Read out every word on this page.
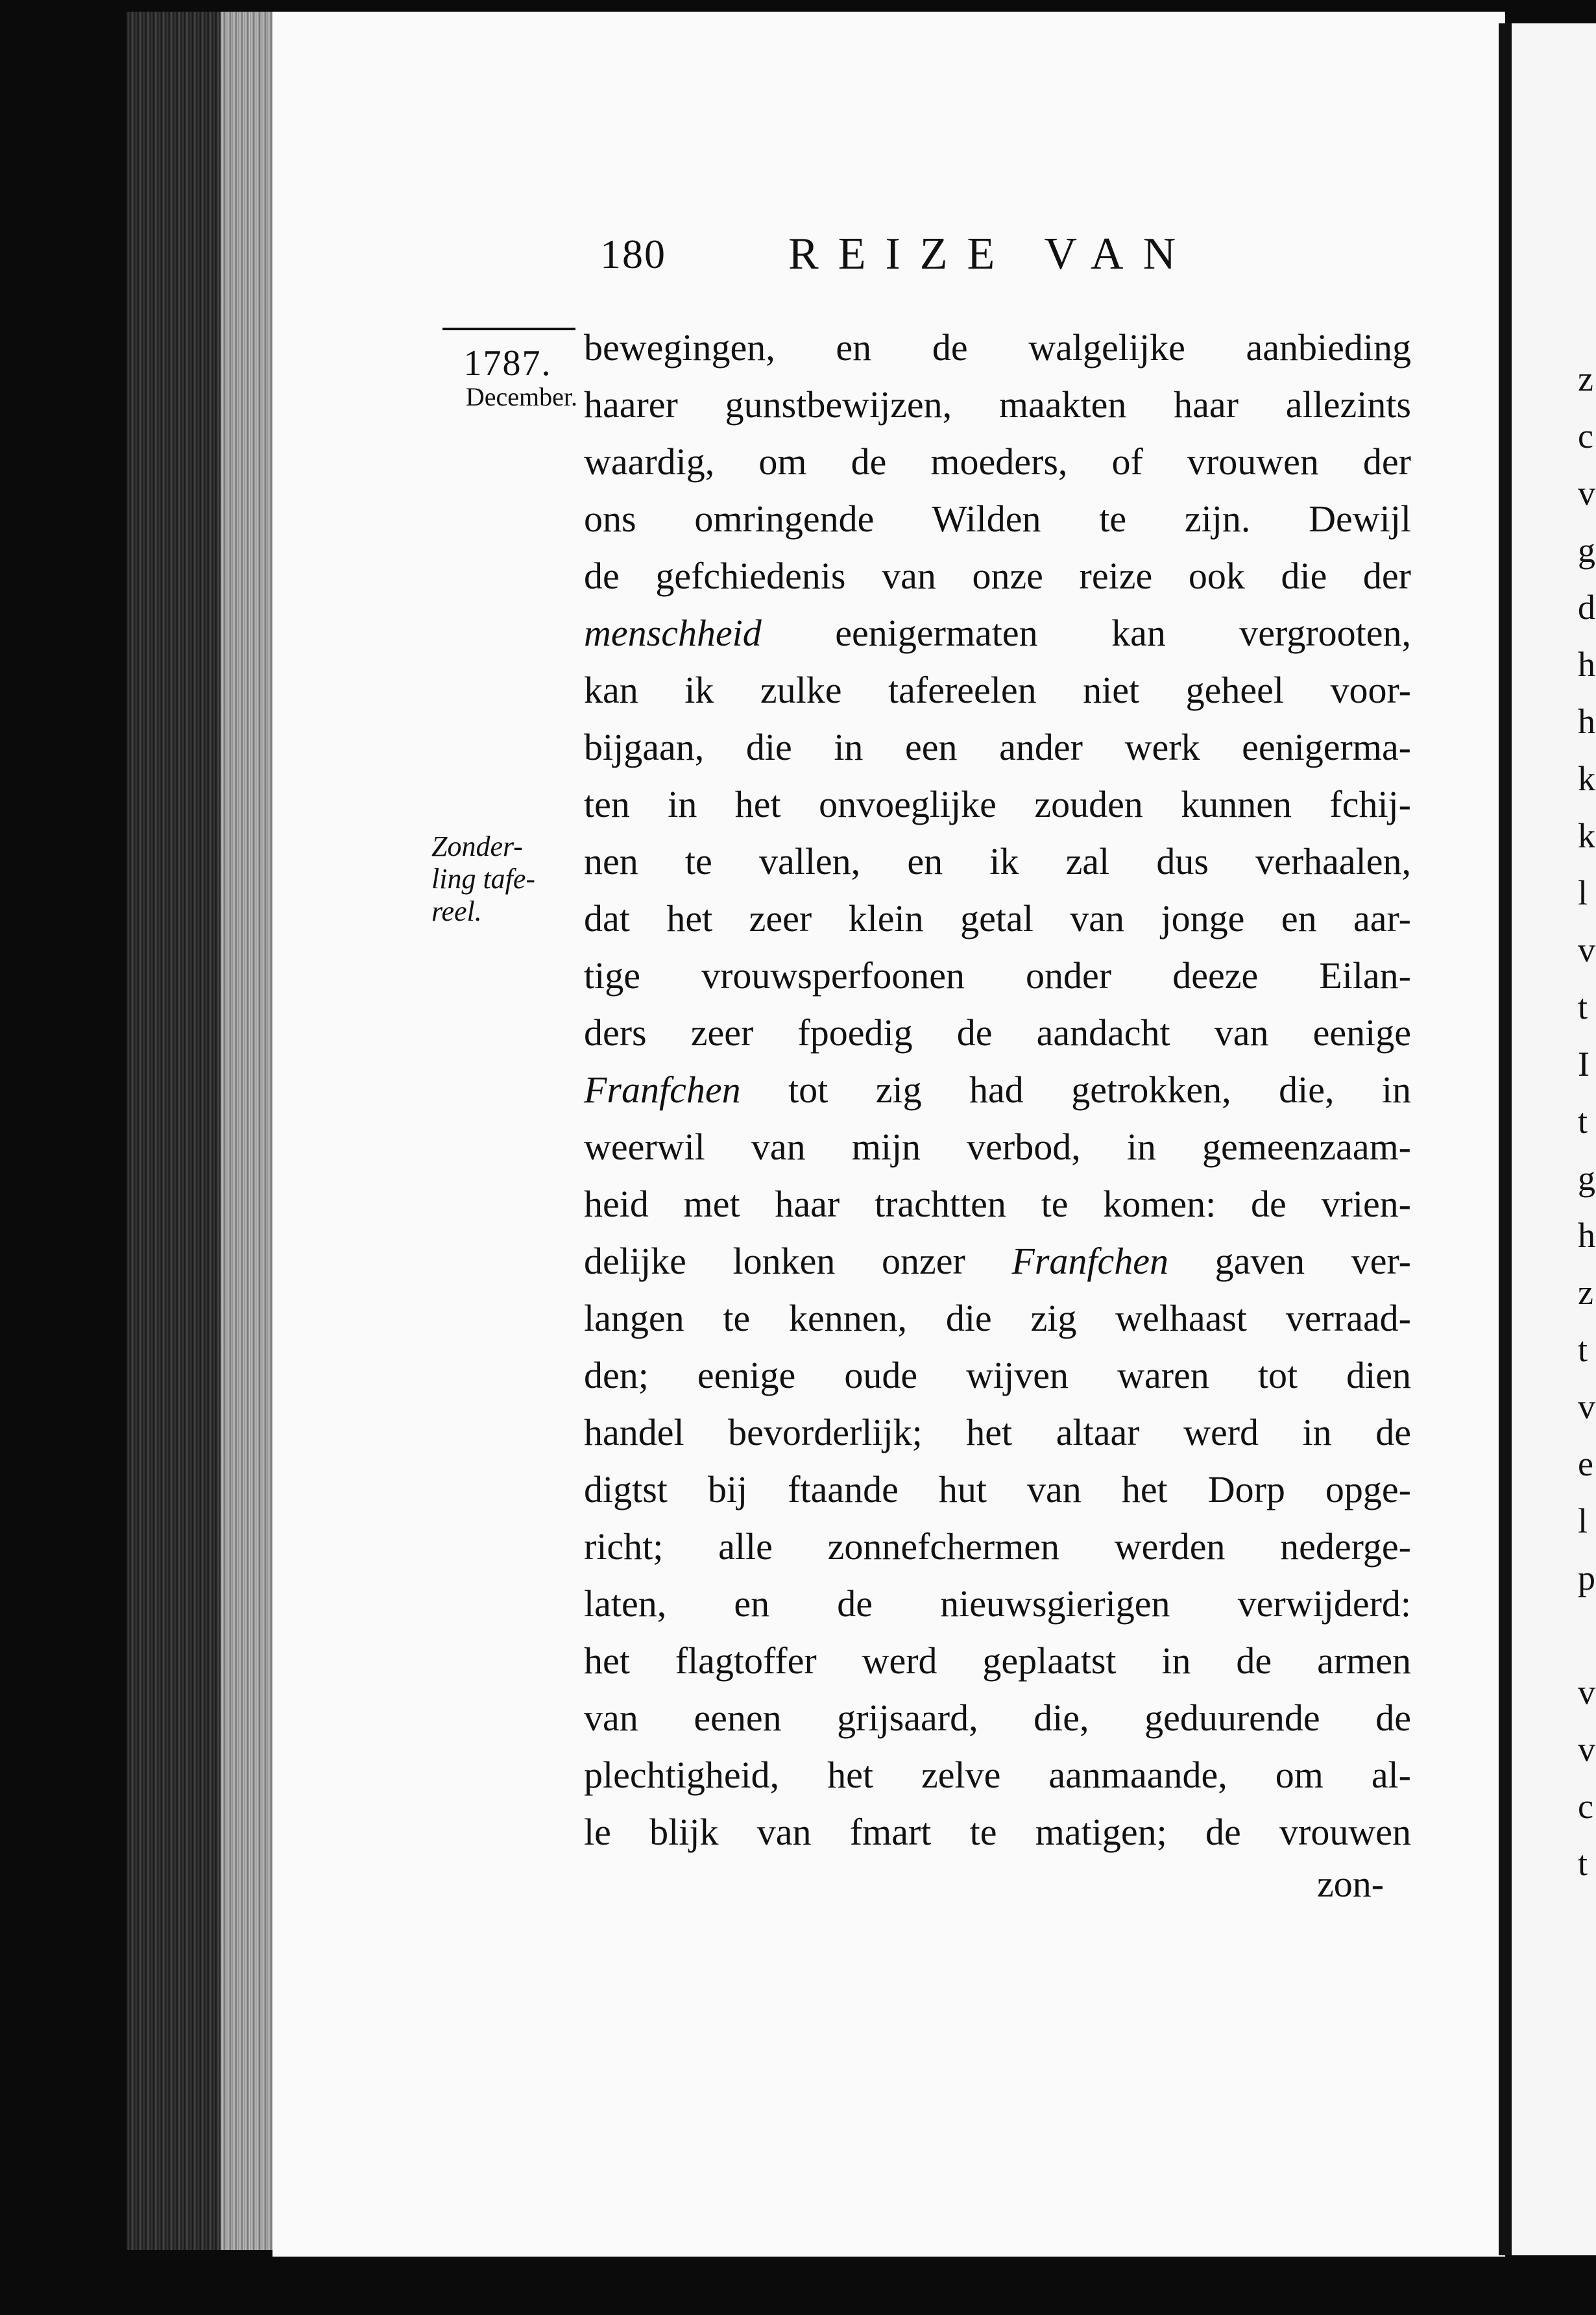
180	REIZE VAN
1787.
December.
Zonder-
ling tafe-
reel.
bewegingen, en de walgelijke aanbieding
haarer gunstbewijzen, maakten haar allezints
waardig, om de moeders, of vrouwen der
ons omringende Wilden te zijn. Dewijl
de gefchiedenis van onze reize ook die der
menschheid eenigermaten kan vergrooten,
kan ik zulke tafereelen niet geheel voor-
bijgaan, die in een ander werk eenigerma-
ten in het onvoeglijke zouden kunnen fchij-
nen te vallen, en ik zal dus verhaalen,
dat het zeer klein getal van jonge en aar-
tige vrouwsperfoonen onder deeze Eilan-
ders zeer fpoedig de aandacht van eenige
Franfchen tot zig had getrokken, die, in
weerwil van mijn verbod, in gemeenzaam-
heid met haar trachtten te komen: de vrien-
delijke lonken onzer Franfchen gaven ver-
langen te kennen, die zig welhaast verraad-
den; eenige oude wijven waren tot dien
handel bevorderlijk; het altaar werd in de
digtst bij ftaande hut van het Dorp opge-
richt; alle zonnefchermen werden nederge-
laten, en de nieuwsgierigen verwijderd:
het flagtoffer werd geplaatst in de armen
van eenen grijsaard, die, geduurende de
plechtigheid, het zelve aanmaande, om al-
le blijk van fmart te matigen; de vrouwen
zon-
z
c
v
g
d
h
h
k
k
l
v
t
I
t
g
h
z
t
v
e
l
p
v
v
c
t
